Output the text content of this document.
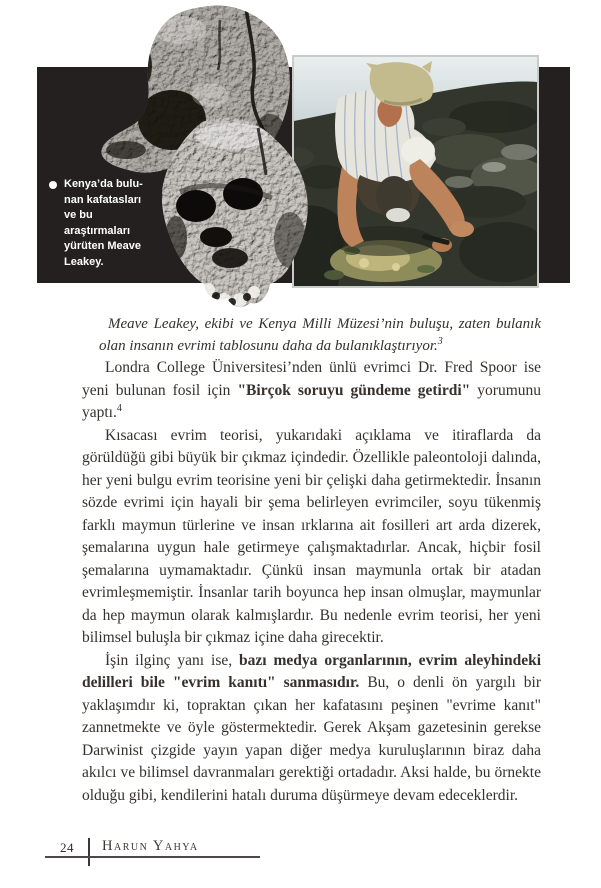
Kenya’da bulu-
nan kafatasları
ve bu
araştırmaları
yürüten Meave
Leakey.

Meave Leakey, ekibi ve Kenya Milli Müzesi’nin buluşu, zaten bulanık olan insanın evrimi tablosunu daha da bulanıklaştırıyor.$^3$

Londra College Üniversitesi’nden ünlü evrimci Dr. Fred Spoor ise yeni bulunan fosil için "Birçok soruyu gündeme getirdi" yorumunu yaptı.$^4$

Kısacası evrim teorisi, yukarıdaki açıklama ve itiraflarda da görüldüğü gibi büyük bir çıkmaz içindedir. Özellikle paleontoloji dalında, her yeni bulgu evrim teorisine yeni bir çelişki daha getirmektedir. İnsanın sözde evrimi için hayali bir şema belirleyen evrimciler, soyu tükenmiş farklı maymun türlerine ve insan ırklarına ait fosilleri art arda dizerek, şemalarına uygun hale getirmeye çalışmaktadırlar. Ancak, hiçbir fosil şemalarına uymamaktadır. Çünkü insan maymunla ortak bir atadan evrimleşmemiştir. İnsanlar tarih boyunca hep insan olmuşlar, maymunlar da hep maymun olarak kalmışlardır. Bu nedenle evrim teorisi, her yeni bilimsel buluşla bir çıkmaz içine daha girecektir.

İşin ilginç yanı ise, bazı medya organlarının, evrim aleyhindeki delilleri bile "evrim kanıtı" sanmasıdır. Bu, o denli ön yargılı bir yaklaşımdır ki, topraktan çıkan her kafatasını peşinen "evrime kanıt" zannetmekte ve öyle göstermektedir. Gerek Akşam gazetesinin gerekse Darwinist çizgide yayın yapan diğer medya kuruluşlarının biraz daha akılcı ve bilimsel davranmaları gerektiği ortadadır. Aksi halde, bu örnekte olduğu gibi, kendilerini hatalı duruma düşürmeye devam edeceklerdir.

24 Harun Yahya
